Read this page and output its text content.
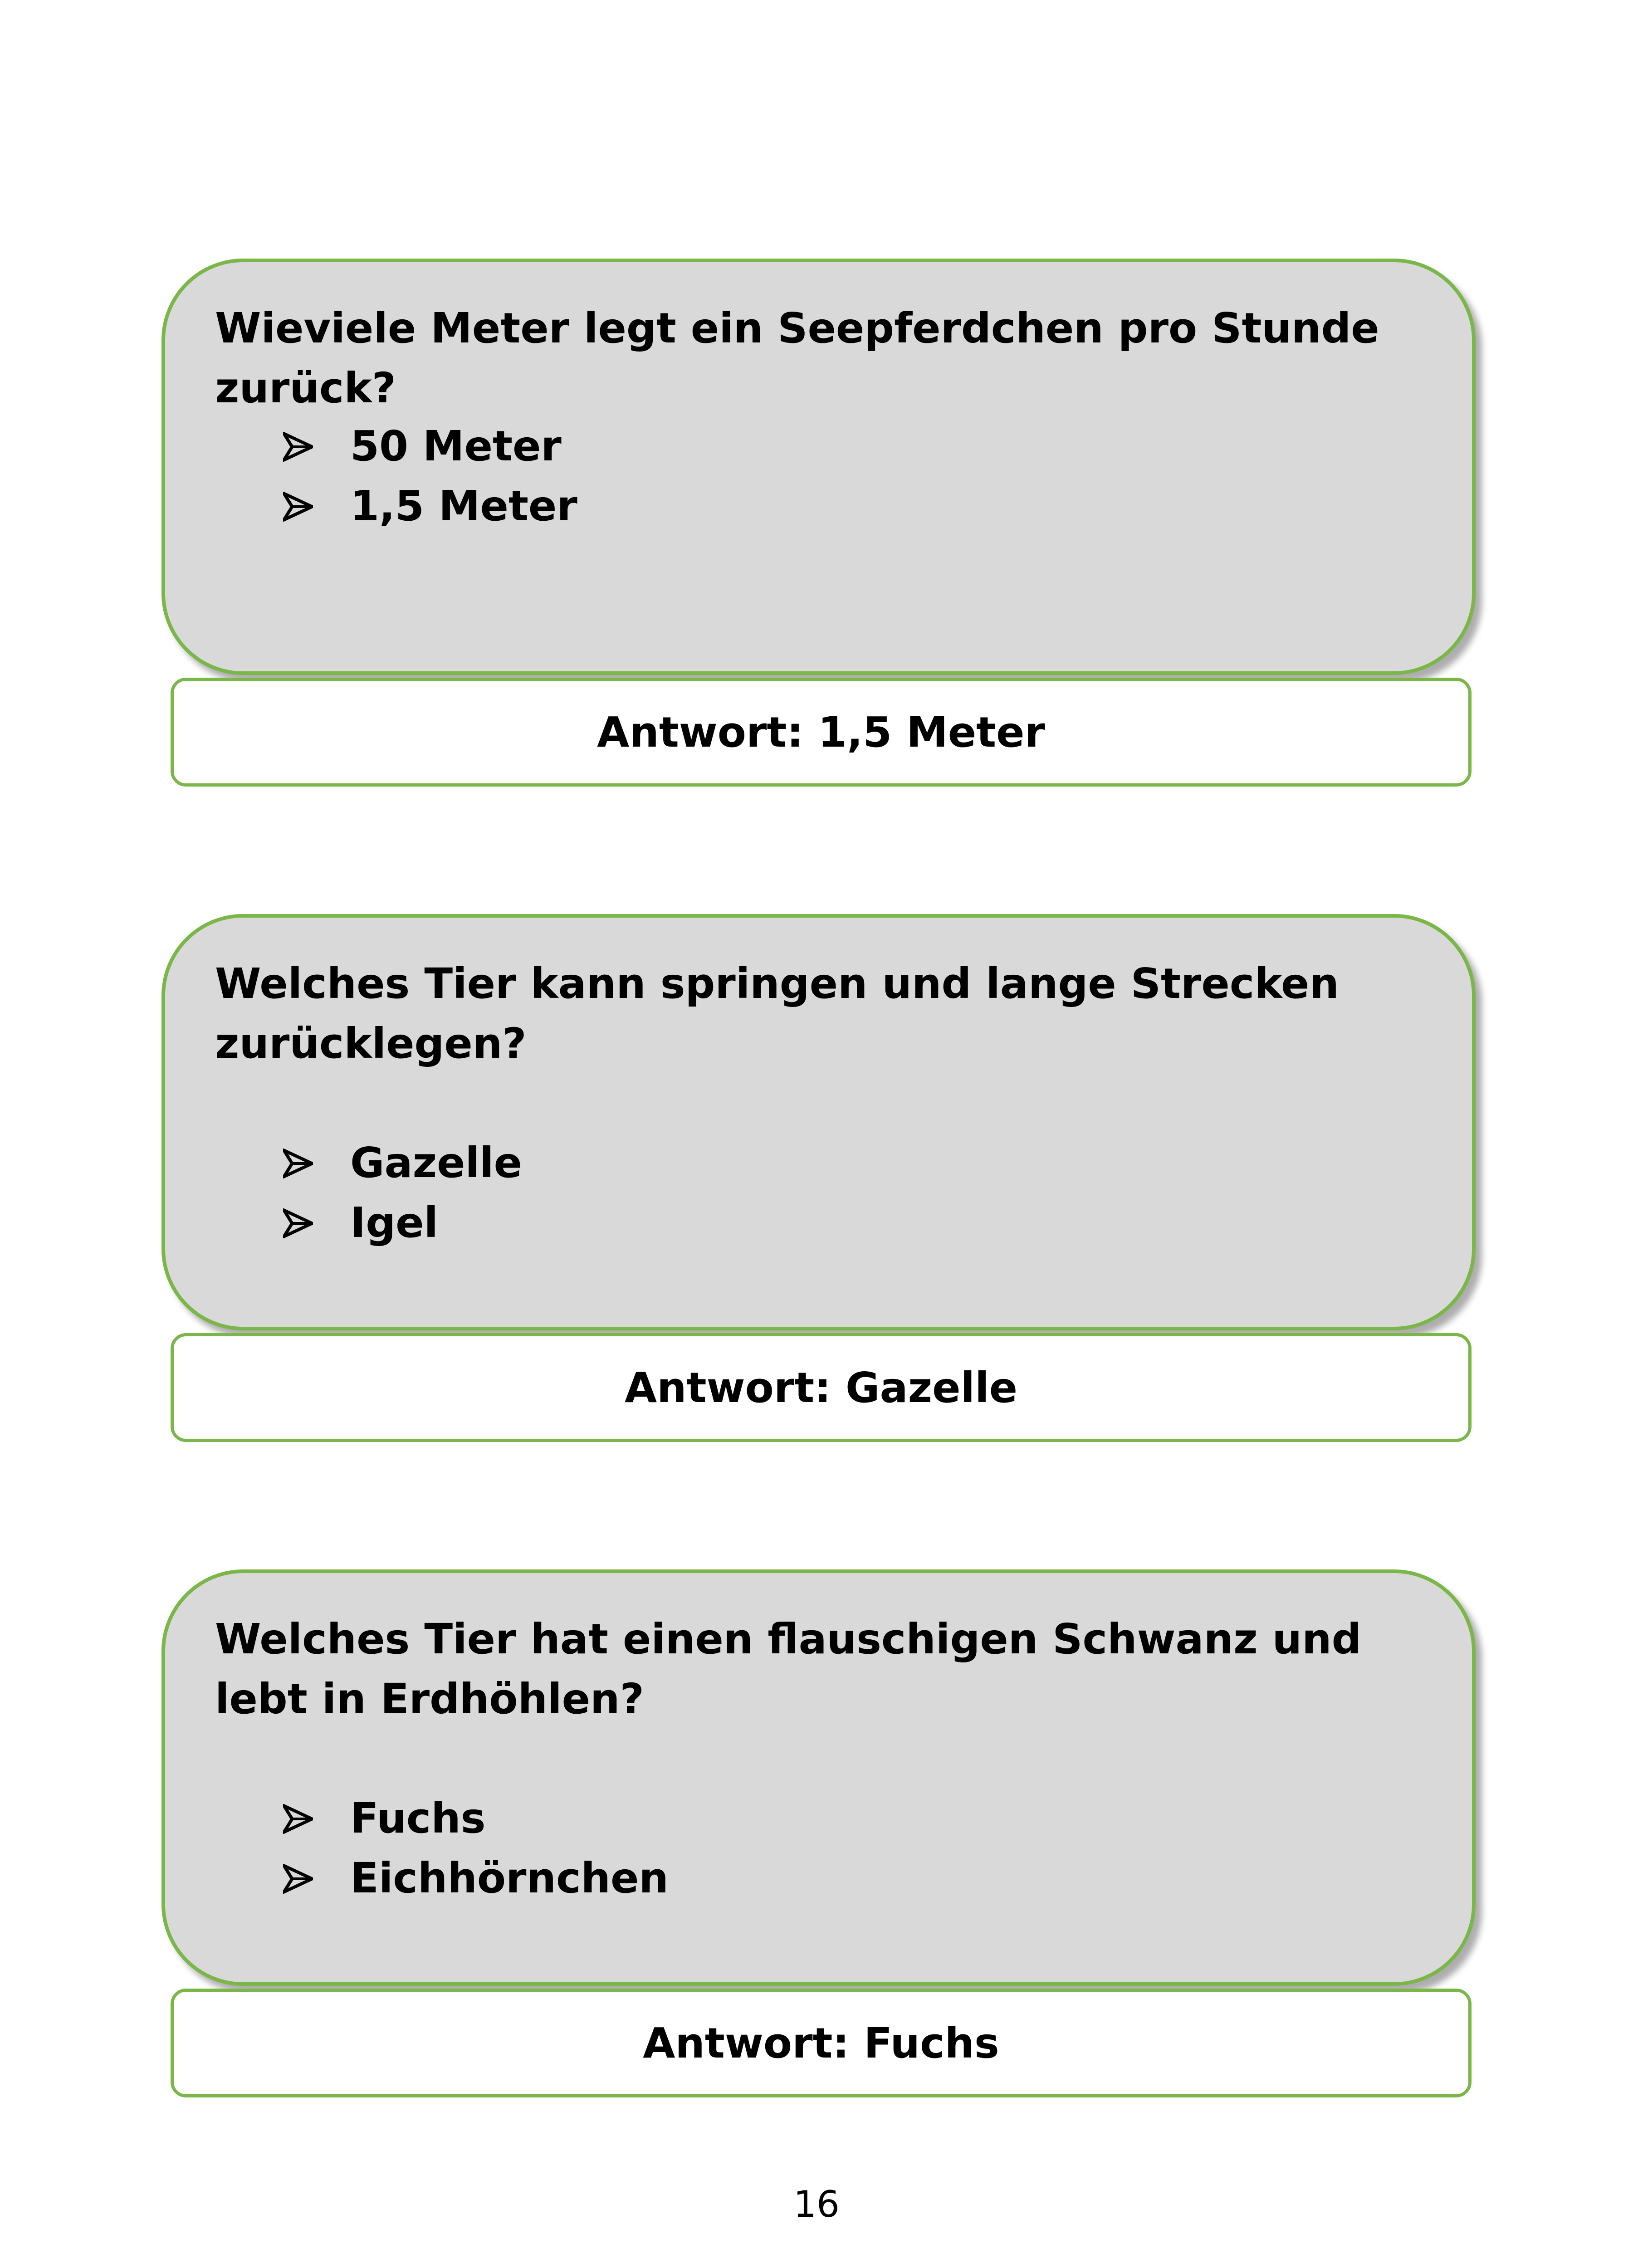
Wieviele Meter legt ein Seepferdchen pro Stunde zurück?

50 Meter
1,5 Meter
Antwort: 1,5 Meter

Welches Tier kann springen und lange Strecken zurücklegen?

Gazelle
Igel
Antwort: Gazelle

Welches Tier hat einen flauschigen Schwanz und lebt in Erdhöhlen?

Fuchs
Eichhörnchen
Antwort: Fuchs
16
